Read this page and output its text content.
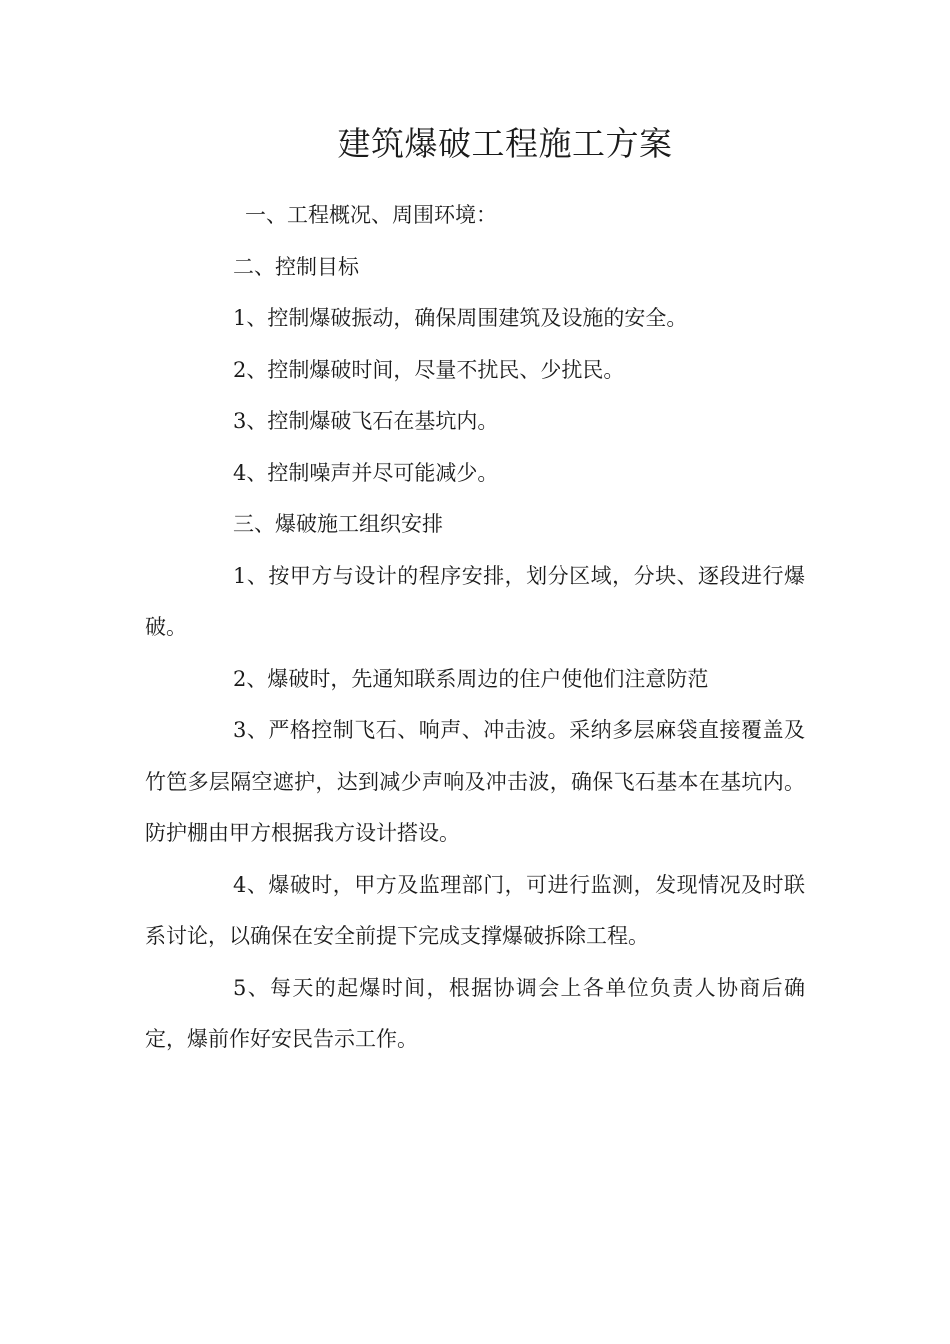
建筑爆破工程施工方案

一、工程概况、周围环境：

二、控制目标

1、控制爆破振动，确保周围建筑及设施的安全。

2、控制爆破时间，尽量不扰民、少扰民。

3、控制爆破飞石在基坑内。

4、控制噪声并尽可能减少。

三、爆破施工组织安排

1、按甲方与设计的程序安排，划分区域，分块、逐段进行爆破。

2、爆破时，先通知联系周边的住户使他们注意防范

3、严格控制飞石、响声、冲击波。采纳多层麻袋直接覆盖及竹笆多层隔空遮护，达到减少声响及冲击波，确保飞石基本在基坑内。防护棚由甲方根据我方设计搭设。

4、爆破时，甲方及监理部门，可进行监测，发现情况及时联系讨论，以确保在安全前提下完成支撑爆破拆除工程。

5、每天的起爆时间，根据协调会上各单位负责人协商后确定，爆前作好安民告示工作。
